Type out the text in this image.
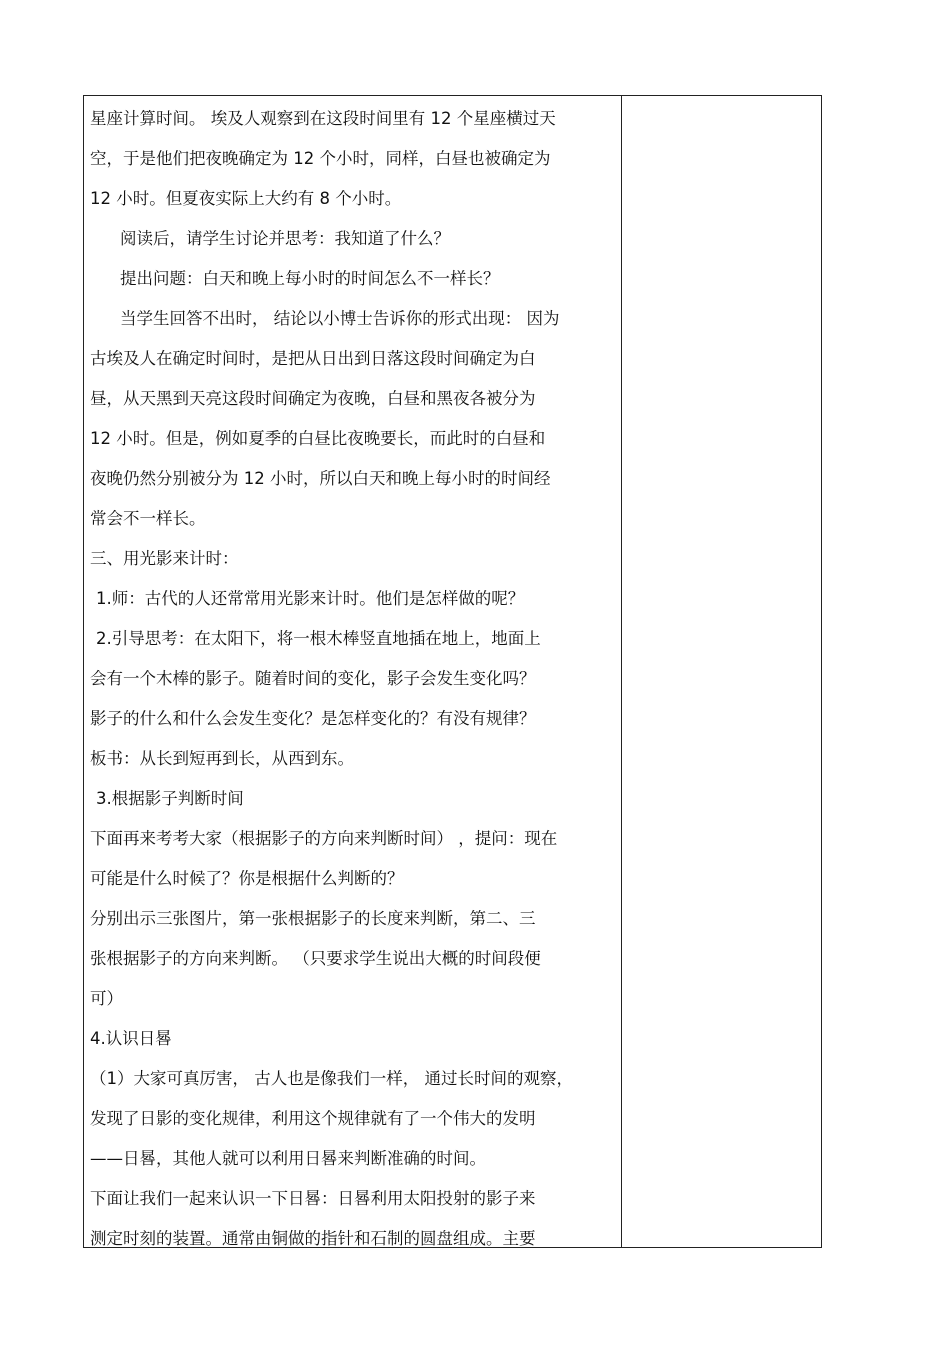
星座计算时间。 埃及人观察到在这段时间里有 12 个星座横过天
空，于是他们把夜晚确定为 12 个小时，同样，白昼也被确定为
12 小时。但夏夜实际上大约有 8 个小时。
阅读后，请学生讨论并思考：我知道了什么？
提出问题：白天和晚上每小时的时间怎么不一样长？
当学生回答不出时， 结论以小博士告诉你的形式出现： 因为
古埃及人在确定时间时，是把从日出到日落这段时间确定为白
昼，从天黑到天亮这段时间确定为夜晚，白昼和黑夜各被分为
12 小时。但是，例如夏季的白昼比夜晚要长，而此时的白昼和
夜晚仍然分别被分为 12 小时，所以白天和晚上每小时的时间经
常会不一样长。
三、用光影来计时：
1.师：古代的人还常常用光影来计时。他们是怎样做的呢？
2.引导思考：在太阳下，将一根木棒竖直地插在地上，地面上
会有一个木棒的影子。随着时间的变化，影子会发生变化吗？
影子的什么和什么会发生变化？是怎样变化的？有没有规律？
板书：从长到短再到长，从西到东。
3.根据影子判断时间
下面再来考考大家（根据影子的方向来判断时间） ，提问：现在
可能是什么时候了？你是根据什么判断的？
分别出示三张图片，第一张根据影子的长度来判断，第二、三
张根据影子的方向来判断。 （只要求学生说出大概的时间段便
可）
4.认识日晷
（1）大家可真厉害， 古人也是像我们一样， 通过长时间的观察，
发现了日影的变化规律，利用这个规律就有了一个伟大的发明
——日晷，其他人就可以利用日晷来判断准确的时间。
下面让我们一起来认识一下日晷：日晷利用太阳投射的影子来
测定时刻的装置。通常由铜做的指针和石制的圆盘组成。主要
